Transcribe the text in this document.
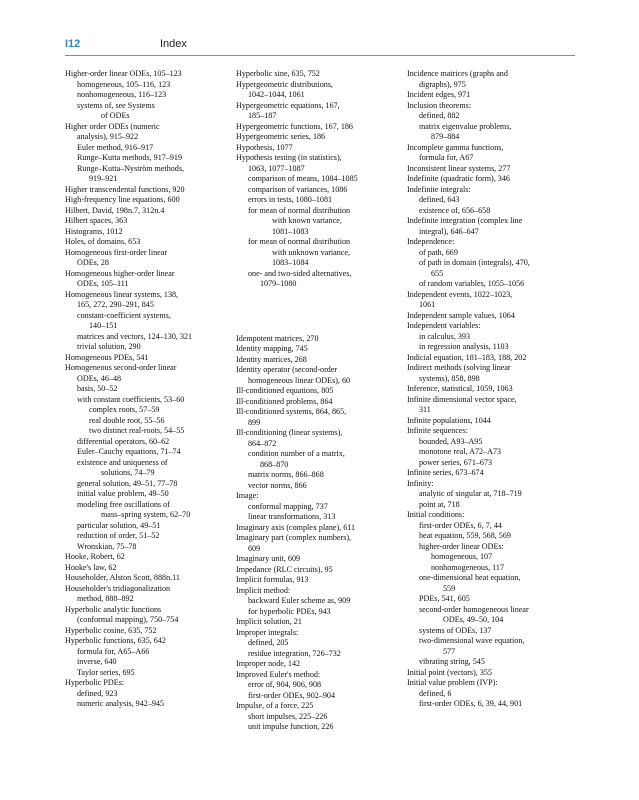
I12	Index
Higher-order linear ODEs, 105–123
homogeneous, 105–116, 123
nonhomogeneous, 116–123
systems of, see Systems
of ODEs
Higher order ODEs (numeric
analysis), 915–922
Euler method, 916–917
Runge–Kutta methods, 917–919
Runge–Kutta–Nyström methods,
919–921
Higher transcendental functions, 920
High-frequency line equations, 600
Hilbert, David, 198n.7, 312n.4
Hilbert spaces, 363
Histograms, 1012
Holes, of domains, 653
Homogeneous first-order linear
ODEs, 28
Homogeneous higher-order linear
ODEs, 105–111
Homogeneous linear systems, 138,
165, 272, 290–291, 845
constant-coefficient systems,
140–151
matrices and vectors, 124–130, 321
trivial solution, 290
Homogeneous PDEs, 541
Homogeneous second-order linear
ODEs, 46–48
basis, 50–52
with constant coefficients, 53–60
complex roots, 57–59
real double root, 55–56
two distinct real-roots, 54–55
differential operators, 60–62
Euler–Cauchy equations, 71–74
existence and uniqueness of
solutions, 74–79
general solution, 49–51, 77–78
initial value problem, 49–50
modeling free oscillations of
mass–spring system, 62–70
particular solution, 49–51
reduction of order, 51–52
Wronskian, 75–78
Hooke, Robert, 62
Hooke's law, 62
Householder, Alston Scott, 888n.11
Householder's tridiagonalization
method, 888–892
Hyperbolic analytic functions
(conformal mapping), 750–754
Hyperbolic cosine, 635, 752
Hyperbolic functions, 635, 642
formula for, A65–A66
inverse, 640
Taylor series, 695
Hyperbolic PDEs:
defined, 923
numeric analysis, 942–945
Hyperbolic sine, 635, 752
Hypergeometric distributions,
1042–1044, 1061
Hypergeometric equations, 167,
185–187
Hypergeometric functions, 167, 186
Hypergeometric series, 186
Hypothesis, 1077
Hypothesis testing (in statistics),
1063, 1077–1087
comparison of means, 1084–1085
comparison of variances, 1086
errors in tests, 1080–1081
for mean of normal distribution
with known variance,
1081–1083
for mean of normal distribution
with unknown variance,
1083–1084
one- and two-sided alternatives,
1079–1080
Idempotent matrices, 270
Identity mapping, 745
Identity matrices, 268
Identity operator (second-order
homogeneous linear ODEs), 60
Ill-conditioned equations, 805
Ill-conditioned problems, 864
Ill-conditioned systems, 864, 865,
899
Ill-conditioning (linear systems),
864–872
condition number of a matrix,
868–870
matrix norms, 866–868
vector norms, 866
Image:
conformal mapping, 737
linear transformations, 313
Imaginary axis (complex plane), 611
Imaginary part (complex numbers),
609
Imaginary unit, 609
Impedance (RLC circuits), 95
Implicit formulas, 913
Implicit method:
backward Euler scheme as, 909
for hyperbolic PDEs, 943
Implicit solution, 21
Improper integrals:
defined, 205
residue integration, 726–732
Improper node, 142
Improved Euler's method:
error of, 904, 906, 908
first-order ODEs, 902–904
Impulse, of a force, 225
short impulses, 225–226
unit impulse function, 226
Incidence matrices (graphs and
digraphs), 975
Incident edges, 971
Inclusion theorems:
defined, 882
matrix eigenvalue problems,
879–884
Incomplete gamma functions,
formula for, A67
Inconsistent linear systems, 277
Indefinite (quadratic form), 346
Indefinite integrals:
defined, 643
existence of, 656–658
Indefinite integration (complex line
integral), 646–647
Independence:
of path, 669
of path in domain (integrals), 470,
655
of random variables, 1055–1056
Independent events, 1022–1023,
1061
Independent sample values, 1064
Independent variables:
in calculus, 393
in regression analysis, 1103
Indicial equation, 181–183, 188, 202
Indirect methods (solving linear
systems), 858, 898
Inference, statistical, 1059, 1063
Infinite dimensional vector space,
311
Infinite populations, 1044
Infinite sequences:
bounded, A93–A95
monotone real, A72–A73
power series, 671–673
Infinite series, 673–674
Infinity:
analytic of singular at, 718–719
point at, 718
Initial conditions:
first-order ODEs, 6, 7, 44
heat equation, 559, 568, 569
higher-order linear ODEs:
homogeneous, 107
nonhomogeneous, 117
one-dimensional heat equation,
559
PDEs, 541, 605
second-order homogeneous linear
ODEs, 49–50, 104
systems of ODEs, 137
two-dimensional wave equation,
577
vibrating string, 545
Initial point (vectors), 355
Initial value problem (IVP):
defined, 6
first-order ODEs, 6, 39, 44, 901
